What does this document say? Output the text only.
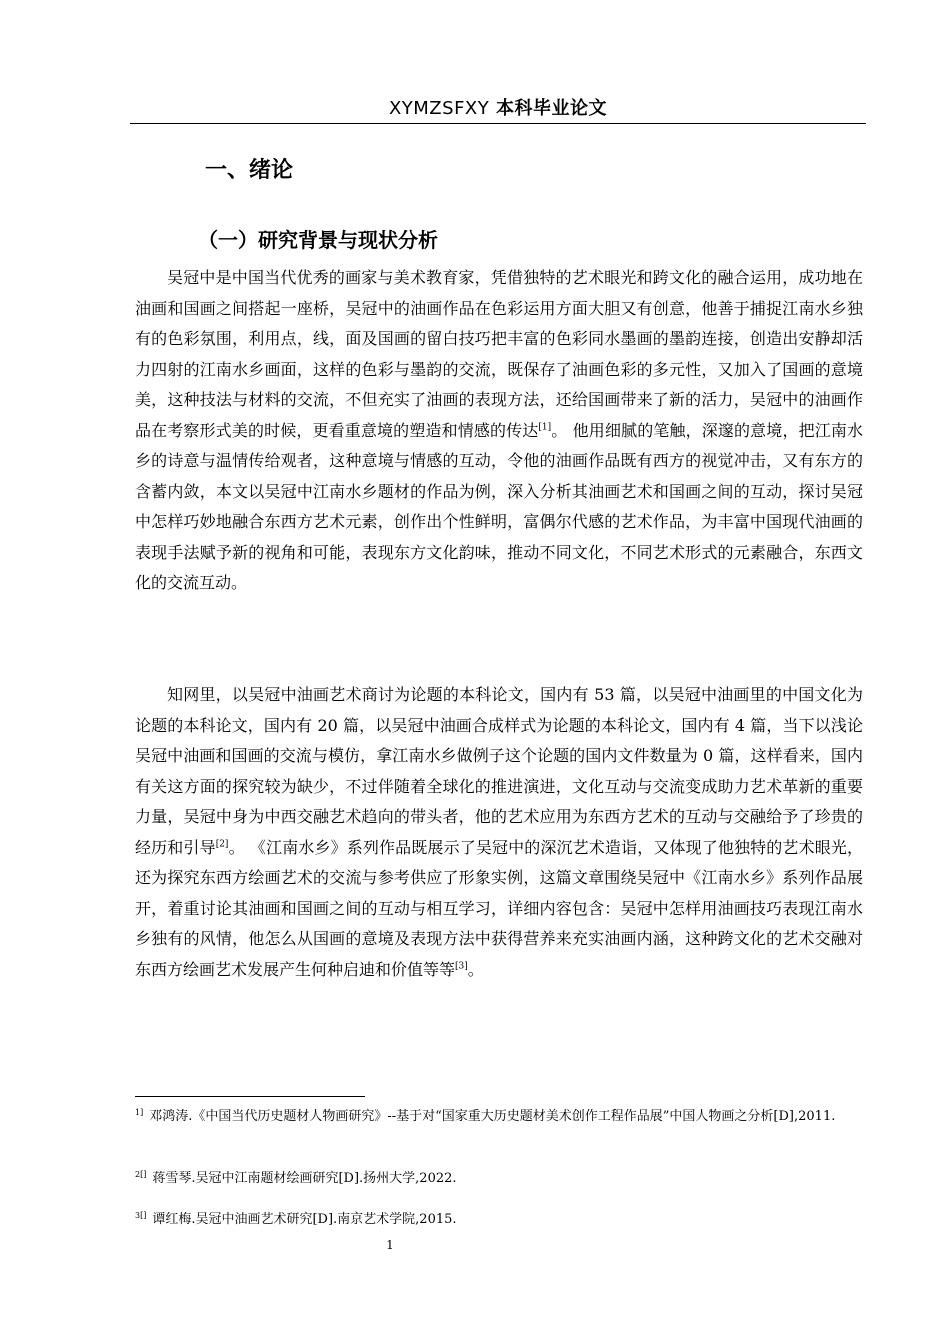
XYMZSFXY 本科毕业论文
一、绪论
（一）研究背景与现状分析

吴冠中是中国当代优秀的画家与美术教育家，凭借独特的艺术眼光和跨文化的融合运用，成功地在油画和国画之间搭起一座桥，吴冠中的油画作品在色彩运用方面大胆又有创意，他善于捕捉江南水乡独有的色彩氛围，利用点，线，面及国画的留白技巧把丰富的色彩同水墨画的墨韵连接，创造出安静却活力四射的江南水乡画面，这样的色彩与墨韵的交流，既保存了油画色彩的多元性，又加入了国画的意境美，这种技法与材料的交流，不但充实了油画的表现方法，还给国画带来了新的活力，吴冠中的油画作品在考察形式美的时候，更看重意境的塑造和情感的传达[1]。 他用细腻的笔触，深邃的意境，把江南水乡的诗意与温情传给观者，这种意境与情感的互动，令他的油画作品既有西方的视觉冲击，又有东方的含蓄内敛，本文以吴冠中江南水乡题材的作品为例，深入分析其油画艺术和国画之间的互动，探讨吴冠中怎样巧妙地融合东西方艺术元素，创作出个性鲜明，富偶尔代感的艺术作品，为丰富中国现代油画的表现手法赋予新的视角和可能，表现东方文化韵味，推动不同文化，不同艺术形式的元素融合，东西文化的交流互动。

知网里，以吴冠中油画艺术商讨为论题的本科论文，国内有 53 篇，以吴冠中油画里的中国文化为论题的本科论文，国内有 20 篇，以吴冠中油画合成样式为论题的本科论文，国内有 4 篇，当下以浅论吴冠中油画和国画的交流与模仿，拿江南水乡做例子这个论题的国内文件数量为 0 篇，这样看来，国内有关这方面的探究较为缺少，不过伴随着全球化的推进演进，文化互动与交流变成助力艺术革新的重要力量，吴冠中身为中西交融艺术趋向的带头者，他的艺术应用为东西方艺术的互动与交融给予了珍贵的经历和引导[2]。 《江南水乡》系列作品既展示了吴冠中的深沉艺术造诣，又体现了他独特的艺术眼光，还为探究东西方绘画艺术的交流与参考供应了形象实例，这篇文章围绕吴冠中《江南水乡》系列作品展开，着重讨论其油画和国画之间的互动与相互学习，详细内容包含：吴冠中怎样用油画技巧表现江南水乡独有的风情，他怎么从国画的意境及表现方法中获得营养来充实油画内涵，这种跨文化的艺术交融对东西方绘画艺术发展产生何种启迪和价值等等[3]。

$^{1]}$ 邓鸿涛.《中国当代历史题材人物画研究》--基于对“国家重大历史题材美术创作工程作品展”中国人物画之分析[D],2011.

$^{2[]}$ 蒋雪琴.吴冠中江南题材绘画研究[D].扬州大学,2022.

$^{3[]}$ 谭红梅.吴冠中油画艺术研究[D].南京艺术学院,2015.

1
